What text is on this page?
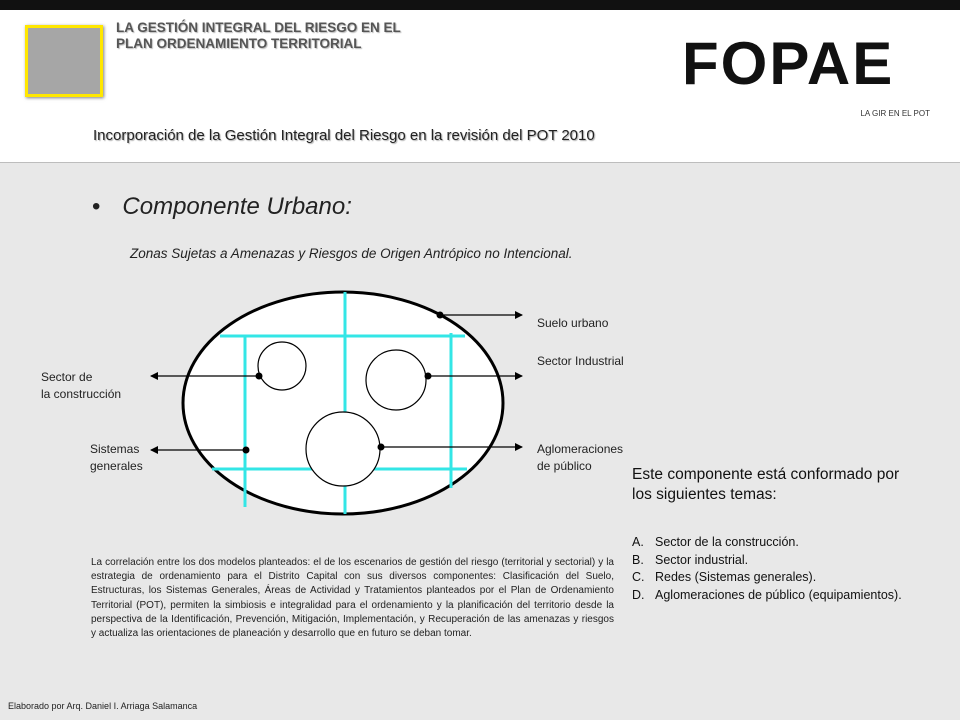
LA GESTIÓN INTEGRAL DEL RIESGO EN EL
PLAN ORDENAMIENTO TERRITORIAL	FOPAE
LA GIR EN EL POT
Incorporación de la Gestión Integral del Riesgo en la revisión del POT 2010
• Componente Urbano:
Zonas Sujetas a Amenazas y Riesgos de Origen Antrópico no Intencional.
Suelo urbano
Sector Industrial
Aglomeraciones
de público
Sector de
la construcción
Sistemas
generales
La correlación entre los dos modelos planteados: el de los escenarios de gestión del riesgo (territorial y sectorial) y la estrategia de ordenamiento para el Distrito Capital con sus diversos componentes: Clasificación del Suelo, Estructuras, los Sistemas Generales, Áreas de Actividad y Tratamientos planteados por el Plan de Ordenamiento Territorial (POT), permiten la simbiosis e integralidad para el ordenamiento y la planificación del territorio desde la perspectiva de la Identificación, Prevención, Mitigación, Implementación, y Recuperación de las amenazas y riesgos y actualiza las orientaciones de planeación y desarrollo que en futuro se deban tomar.
Este componente está conformado por los siguientes temas:
A. Sector de la construcción.
B. Sector industrial.
C. Redes (Sistemas generales).
D. Aglomeraciones de público (equipamientos).
Elaborado por Arq. Daniel I. Arriaga Salamanca
